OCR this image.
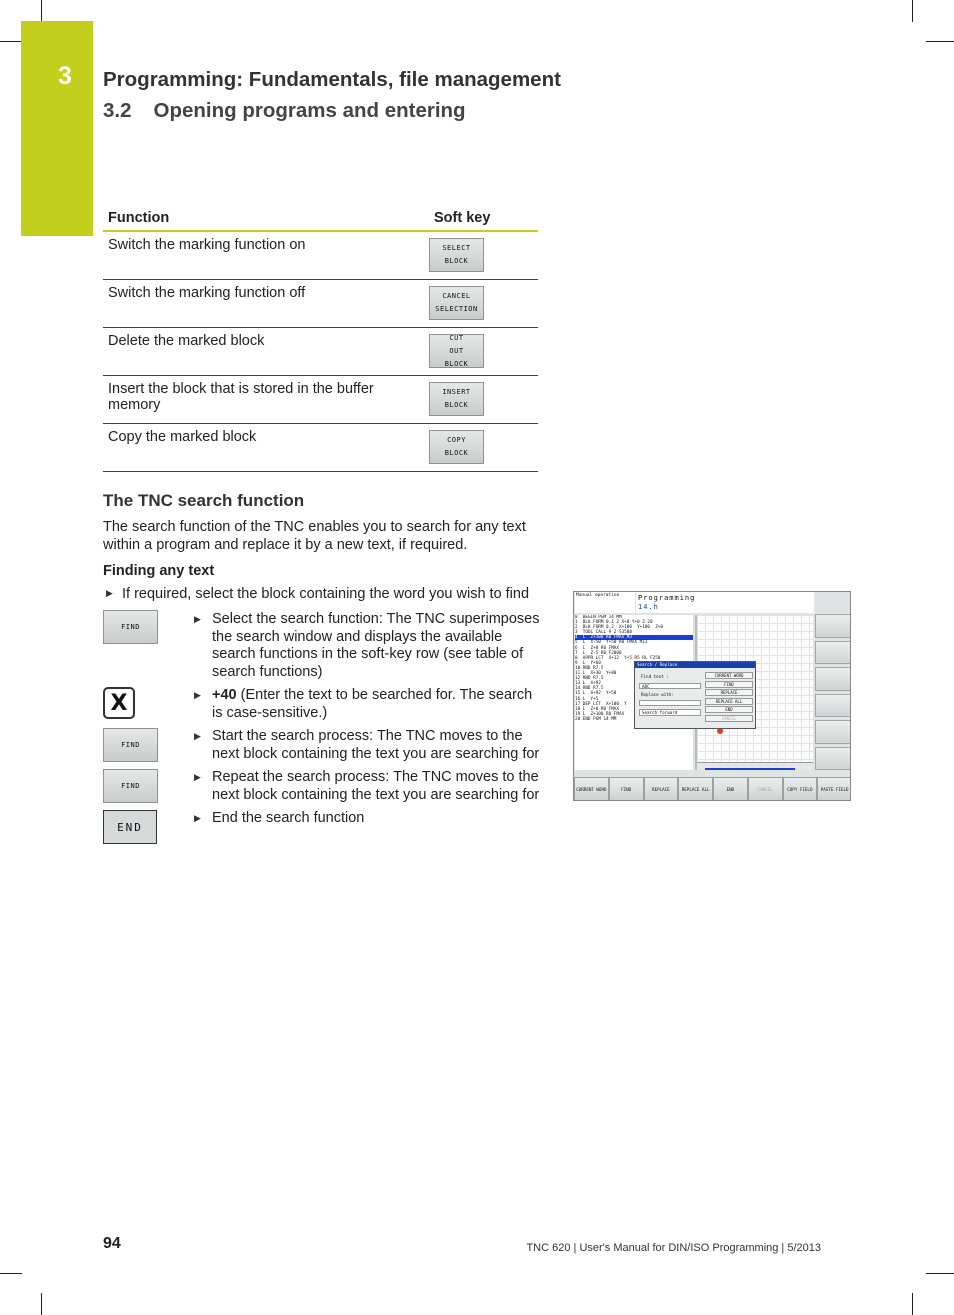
3 Programming: Fundamentals, file management
3.2 Opening programs and entering
Function	Soft key
Switch the marking function on	SELECT
BLOCK

Switch the marking function off	CANCEL
SELECTION

Delete the marked block	CUT
OUT
BLOCK

Insert the block that is stored in the buffer memory	INSERT
BLOCK

Copy the marked block	COPY
BLOCK
The TNC search function
The search function of the TNC enables you to search for any text within a program and replace it by a new text, if required.
Finding any text
▶ If required, select the block containing the word you wish to find
FIND
X
FIND
FIND
END
▶ Select the search function: The TNC superimposes the search window and displays the available search functions in the soft-key row (see table of search functions)
▶ +40 (Enter the text to be searched for. The search is case-sensitive.)
▶ Start the search process: The TNC moves to the next block containing the text you are searching for
▶ Repeat the search process: The TNC moves to the next block containing the text you are searching for
▶ End the search function
Manual operation	Programming
14.h
0  BEGIN PGM 14 MM
1  BLK FORM 0.1 Z X+0 Y+0 Z-20
2  BLK FORM 0.2  X+100  Y+100  Z+0
3  TOOL CALL 9 Z S3500
4  L  Z+100 R0 FMAX M3
5  L  X-50  Y+50 R0 FMAX M13
6  L  Z+0 R0 FMAX
7  L  Z-5 R0 F2000
8  APPR LCT  X+12  Y+5 R5 RL F250
9  L  Y+60
10 RND R7.5
11 L  X+30  Y+80
12 RND R7.5
13 L  X+92
14 RND R7.5
15 L  X+92  Y+50
16 L  Y+5
17 DEP LCT  X+100  Y
18 L  Z+0 R0 FMAX
19 L  Z+100 R0 FMAX
20 END PGM 14 MM
Search / Replace
Find text :
ABC
Replace with:
Search forward
CURRENT WORD
FIND
REPLACE
REPLACE ALL
END
CANCEL
CURRENT WORD	FIND	REPLACE	REPLACE ALL	END	CANCEL	COPY FIELD	PASTE FIELD
94	TNC 620 | User's Manual for DIN/ISO Programming | 5/2013
